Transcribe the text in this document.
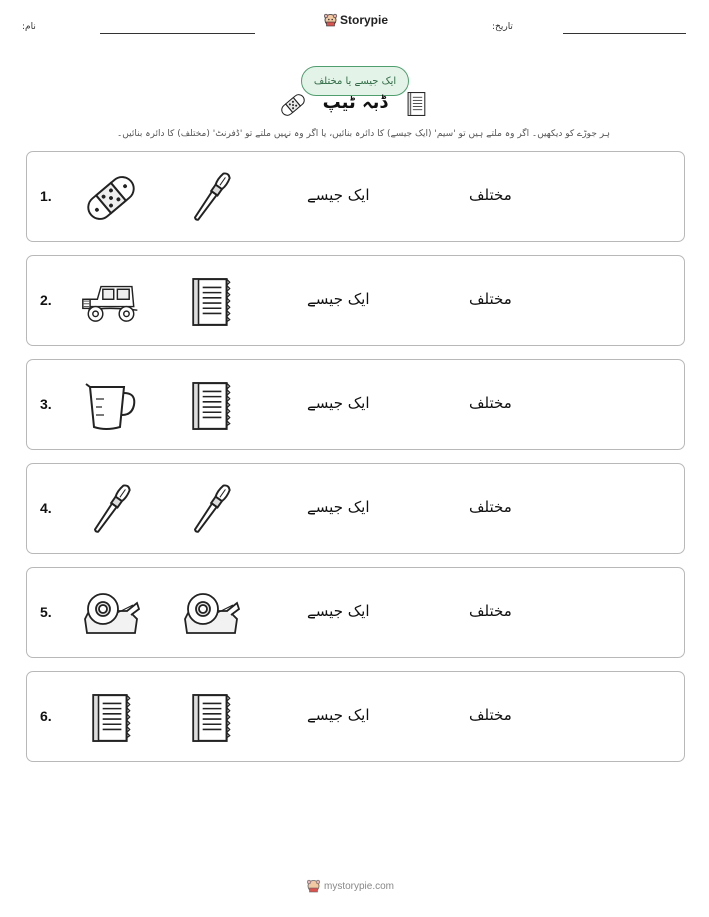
نام:	Storypie	تاریخ:
ایک جیسے یا مختلف
ڈبہ ٹیپ
ہر جوڑے کو دیکھیں۔ اگر وہ ملتے ہیں تو 'سیم' (ایک جیسے) کا دائرہ بنائیں، یا اگر وہ نہیں ملتے تو 'ڈفرنٹ' (مختلف) کا دائرہ بنائیں۔
1.	ایک جیسے	مختلف
2.	ایک جیسے	مختلف
3.	ایک جیسے	مختلف
4.	ایک جیسے	مختلف
5.	ایک جیسے	مختلف
6.	ایک جیسے	مختلف
mystorypie.com
